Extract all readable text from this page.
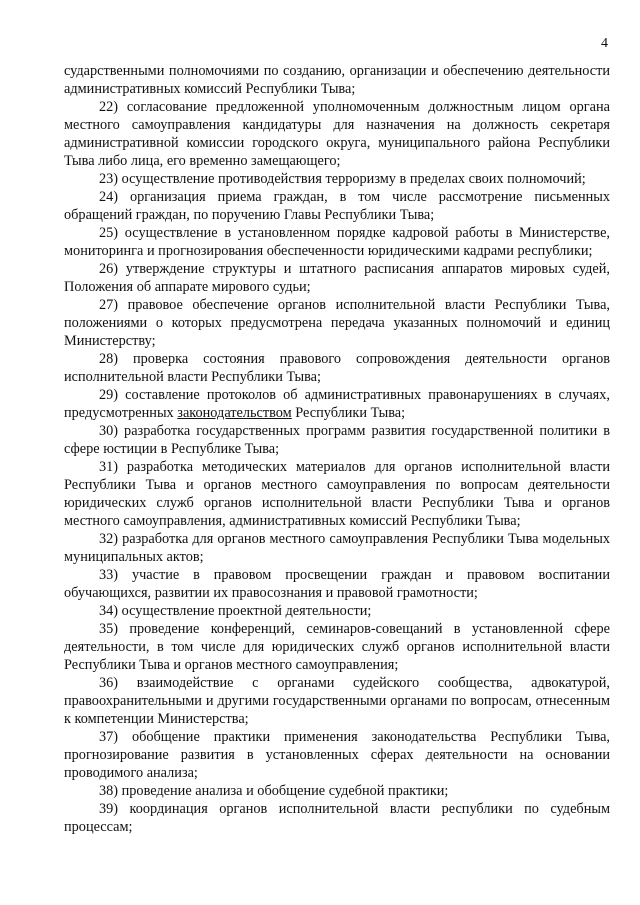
4

сударственными полномочиями по созданию, организации и обеспечению деятельности административных комиссий Республики Тыва;

22) согласование предложенной уполномоченным должностным лицом органа местного самоуправления кандидатуры для назначения на должность секретаря административной комиссии городского округа, муниципального района Республики Тыва либо лица, его временно замещающего;

23) осуществление противодействия терроризму в пределах своих полномочий;

24) организация приема граждан, в том числе рассмотрение письменных обращений граждан, по поручению Главы Республики Тыва;

25) осуществление в установленном порядке кадровой работы в Министерстве, мониторинга и прогнозирования обеспеченности юридическими кадрами республики;

26) утверждение структуры и штатного расписания аппаратов мировых судей, Положения об аппарате мирового судьи;

27) правовое обеспечение органов исполнительной власти Республики Тыва, положениями о которых предусмотрена передача указанных полномочий и единиц Министерству;

28) проверка состояния правового сопровождения деятельности органов исполнительной власти Республики Тыва;

29) составление протоколов об административных правонарушениях в случаях, предусмотренных законодательством Республики Тыва;

30) разработка государственных программ развития государственной политики в сфере юстиции в Республике Тыва;

31) разработка методических материалов для органов исполнительной власти Республики Тыва и органов местного самоуправления по вопросам деятельности юридических служб органов исполнительной власти Республики Тыва и органов местного самоуправления, административных комиссий Республики Тыва;

32) разработка для органов местного самоуправления Республики Тыва модельных муниципальных актов;

33) участие в правовом просвещении граждан и правовом воспитании обучающихся, развитии их правосознания и правовой грамотности;

34) осуществление проектной деятельности;

35) проведение конференций, семинаров-совещаний в установленной сфере деятельности, в том числе для юридических служб органов исполнительной власти Республики Тыва и органов местного самоуправления;

36) взаимодействие с органами судейского сообщества, адвокатурой, правоохранительными и другими государственными органами по вопросам, отнесенным к компетенции Министерства;

37) обобщение практики применения законодательства Республики Тыва, прогнозирование развития в установленных сферах деятельности на основании проводимого анализа;

38) проведение анализа и обобщение судебной практики;

39) координация органов исполнительной власти республики по судебным процессам;
